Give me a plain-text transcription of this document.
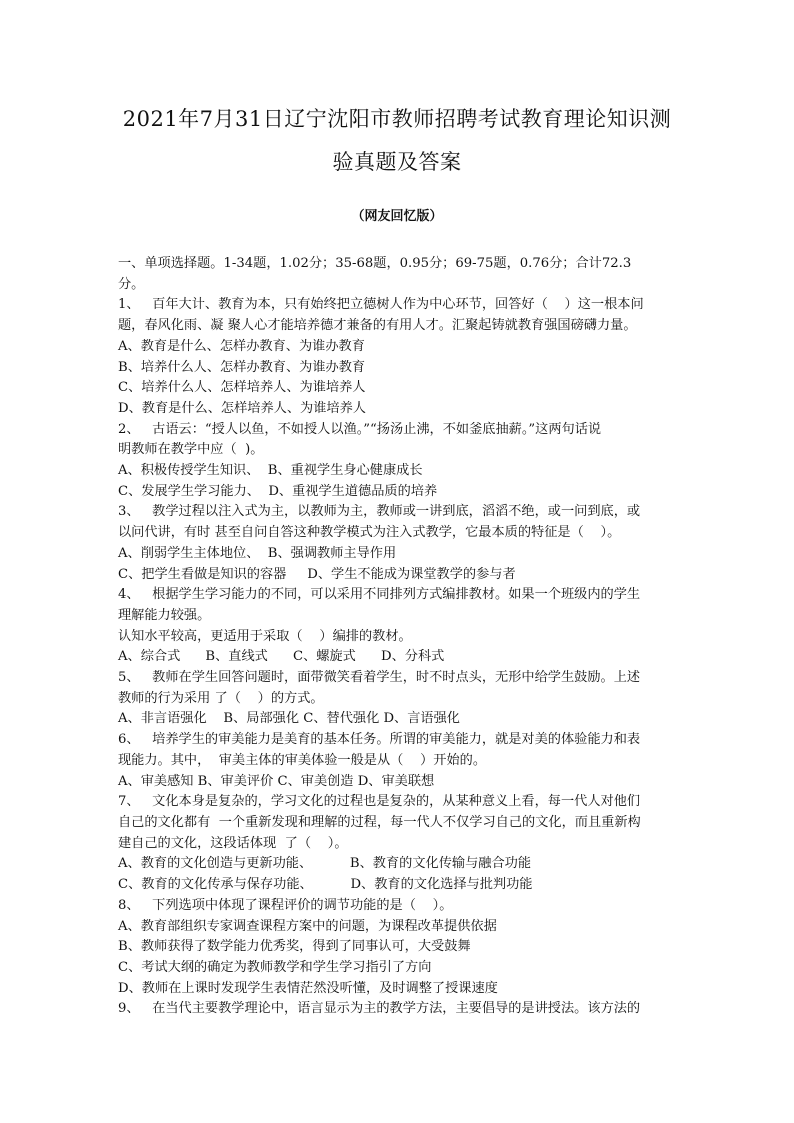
2021年7月31日辽宁沈阳市教师招聘考试教育理论知识测
验真题及答案
（网友回忆版）

一、单项选择题。1-34题，1.02分；35-68题，0.95分；69-75题，0.76分；合计72.3

分。

1、   百年大计、教育为本，只有始终把立德树人作为中心环节，回答好（    ）这一根本问

题，春风化雨、凝 聚人心才能培养德才兼备的有用人才。汇聚起铸就教育强国磅礴力量。

A、教育是什么、怎样办教育、为谁办教育

B、培养什么人、怎样办教育、为谁办教育

C、培养什么人、怎样培养人、为谁培养人

D、教育是什么、怎样培养人、为谁培养人

2、   古语云：“授人以鱼，不如授人以渔。”“扬汤止沸，不如釜底抽薪。”这两句话说

明教师在教学中应（  )。

A、积极传授学生知识、  B、重视学生身心健康成长

C、发展学生学习能力、  D、重视学生道德品质的培养

3、   教学过程以注入式为主，以教师为主，教师或一讲到底，滔滔不绝，或一问到底，或

以问代讲，有时 甚至自问自答这种教学模式为注入式教学，它最本质的特征是（    ）。

A、削弱学生主体地位、  B、强调教师主导作用

C、把学生看做是知识的容器     D、学生不能成为课堂教学的参与者

4、   根据学生学习能力的不同，可以采用不同排列方式编排教材。如果一个班级内的学生

理解能力较强。

认知水平较高，更适用于采取（    ）编排的教材。

A、综合式      B、直线式      C、螺旋式      D、分科式

5、   教师在学生回答问题时，面带微笑看着学生，时不时点头，无形中给学生鼓励。上述

教师的行为采用 了（    ）的方式。

A、非言语强化    B、局部强化 C、替代强化 D、言语强化

6、   培养学生的审美能力是美育的基本任务。所谓的审美能力，就是对美的体验能力和表

现能力。其中，  审美主体的审美体验一般是从（    ）开始的。

A、审美感知 B、审美评价 C、审美创造 D、审美联想

7、   文化本身是复杂的，学习文化的过程也是复杂的，从某种意义上看，每一代人对他们

自己的文化都有  一个重新发现和理解的过程，每一代人不仅学习自己的文化，而且重新构

建自己的文化，这段话体现  了（    ）。

A、教育的文化创造与更新功能、         B、教育的文化传输与融合功能

C、教育的文化传承与保存功能、         D、教育的文化选择与批判功能

8、   下列选项中体现了课程评价的调节功能的是（    ）。

A、教育部组织专家调查课程方案中的问题，为课程改革提供依据

B、教师获得了数学能力优秀奖，得到了同事认可，大受鼓舞

C、考试大纲的确定为教师教学和学生学习指引了方向

D、教师在上课时发现学生表情茫然没听懂，及时调整了授课速度

9、   在当代主要教学理论中，语言显示为主的教学方法，主要倡导的是讲授法。该方法的
